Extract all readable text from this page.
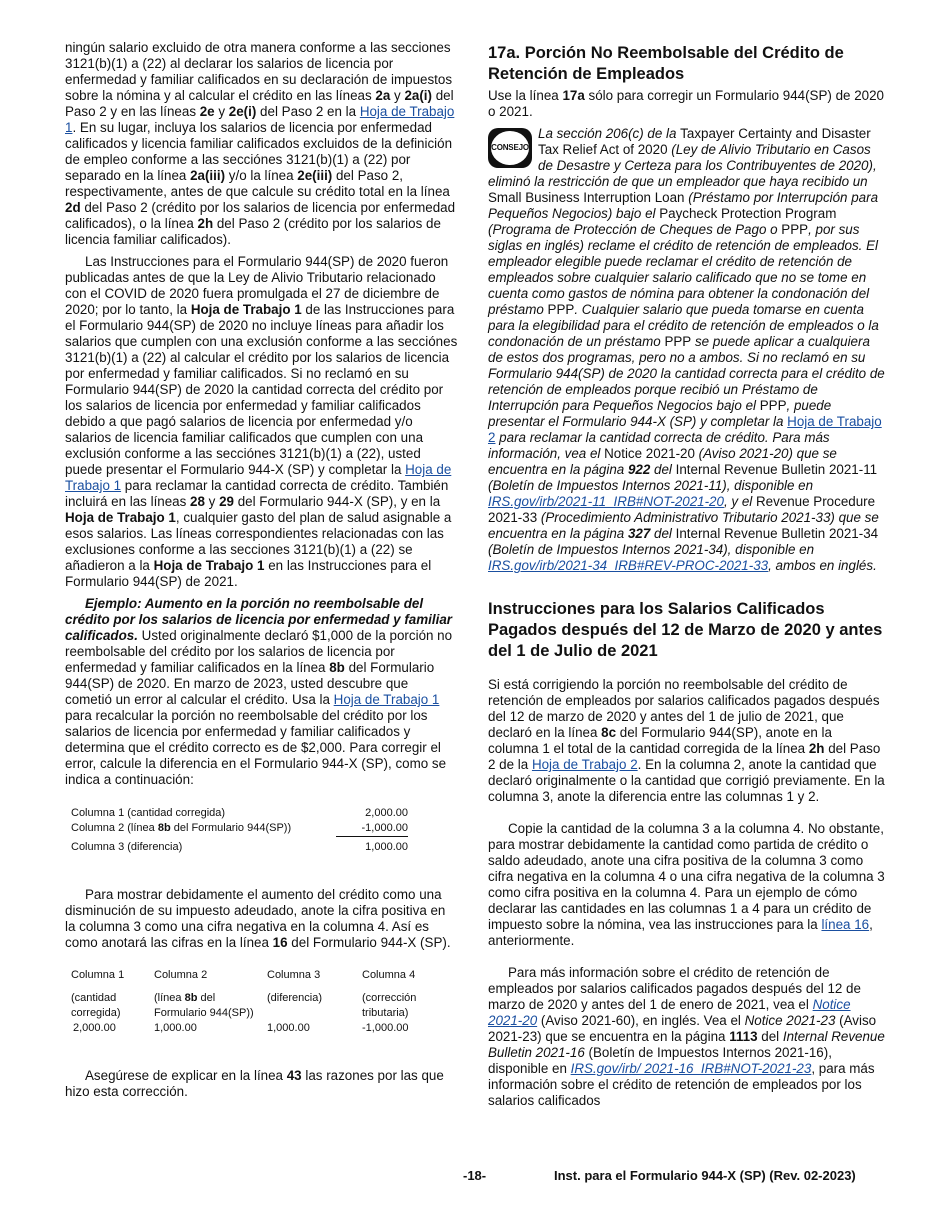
ningún salario excluido de otra manera conforme a las secciones 3121(b)(1) a (22) al declarar los salarios de licencia por enfermedad y familiar calificados en su declaración de impuestos sobre la nómina y al calcular el crédito en las líneas 2a y 2a(i) del Paso 2 y en las líneas 2e y 2e(i) del Paso 2 en la Hoja de Trabajo 1. En su lugar, incluya los salarios de licencia por enfermedad calificados y licencia familiar calificados excluidos de la definición de empleo conforme a las secciónes 3121(b)(1) a (22) por separado en la línea 2a(iii) y/o la línea 2e(iii) del Paso 2, respectivamente, antes de que calcule su crédito total en la línea 2d del Paso 2 (crédito por los salarios de licencia por enfermedad calificados), o la línea 2h del Paso 2 (crédito por los salarios de licencia familiar calificados).

Las Instrucciones para el Formulario 944(SP) de 2020 fueron publicadas antes de que la Ley de Alivio Tributario relacionado con el COVID de 2020 fuera promulgada el 27 de diciembre de 2020; por lo tanto, la Hoja de Trabajo 1 de las Instrucciones para el Formulario 944(SP) de 2020 no incluye líneas para añadir los salarios que cumplen con una exclusión conforme a las secciónes 3121(b)(1) a (22) al calcular el crédito por los salarios de licencia por enfermedad y familiar calificados. Si no reclamó en su Formulario 944(SP) de 2020 la cantidad correcta del crédito por los salarios de licencia por enfermedad y familiar calificados debido a que pagó salarios de licencia por enfermedad y/o salarios de licencia familiar calificados que cumplen con una exclusión conforme a las secciónes 3121(b)(1) a (22), usted puede presentar el Formulario 944-X (SP) y completar la Hoja de Trabajo 1 para reclamar la cantidad correcta de crédito. También incluirá en las líneas 28 y 29 del Formulario 944-X (SP), y en la Hoja de Trabajo 1, cualquier gasto del plan de salud asignable a esos salarios. Las líneas correspondientes relacionadas con las exclusiones conforme a las secciones 3121(b)(1) a (22) se añadieron a la Hoja de Trabajo 1 en las Instrucciones para el Formulario 944(SP) de 2021.

Ejemplo: Aumento en la porción no reembolsable del crédito por los salarios de licencia por enfermedad y familiar calificados. Usted originalmente declaró $1,000 de la porción no reembolsable del crédito por los salarios de licencia por enfermedad y familiar calificados en la línea 8b del Formulario 944(SP) de 2020. En marzo de 2023, usted descubre que cometió un error al calcular el crédito. Usa la Hoja de Trabajo 1 para recalcular la porción no reembolsable del crédito por los salarios de licencia por enfermedad y familiar calificados y determina que el crédito correcto es de $2,000. Para corregir el error, calcule la diferencia en el Formulario 944-X (SP), como se indica a continuación:

Columna 1 (cantidad corregida)	2,000.00
Columna 2 (línea 8b del Formulario 944(SP))	-1,000.00
Columna 3 (diferencia)	1,000.00

Para mostrar debidamente el aumento del crédito como una disminución de su impuesto adeudado, anote la cifra positiva en la columna 3 como una cifra negativa en la columna 4. Así es como anotará las cifras en la línea 16 del Formulario 944-X (SP).

Columna 1	Columna 2	Columna 3	Columna 4
(cantidad corregida)	(línea 8b del Formulario 944(SP))	(diferencia)	(corrección tributaria)
2,000.00	1,000.00	1,000.00	-1,000.00

Asegúrese de explicar en la línea 43 las razones por las que hizo esta corrección.

17a. Porción No Reembolsable del Crédito de Retención de Empleados

Use la línea 17a sólo para corregir un Formulario 944(SP) de 2020 o 2021.

CONSEJO

La sección 206(c) de la Taxpayer Certainty and Disaster Tax Relief Act of 2020 (Ley de Alivio Tributario en Casos de Desastre y Certeza para los Contribuyentes de 2020), eliminó la restricción de que un empleador que haya recibido un Small Business Interruption Loan (Préstamo por Interrupción para Pequeños Negocios) bajo el Paycheck Protection Program (Programa de Protección de Cheques de Pago o PPP, por sus siglas en inglés) reclame el crédito de retención de empleados. El empleador elegible puede reclamar el crédito de retención de empleados sobre cualquier salario calificado que no se tome en cuenta como gastos de nómina para obtener la condonación del préstamo PPP. Cualquier salario que pueda tomarse en cuenta para la elegibilidad para el crédito de retención de empleados o la condonación de un préstamo PPP se puede aplicar a cualquiera de estos dos programas, pero no a ambos. Si no reclamó en su Formulario 944(SP) de 2020 la cantidad correcta para el crédito de retención de empleados porque recibió un Préstamo de Interrupción para Pequeños Negocios bajo el PPP, puede presentar el Formulario 944-X (SP) y completar la Hoja de Trabajo 2 para reclamar la cantidad correcta de crédito. Para más información, vea el Notice 2021-20 (Aviso 2021-20) que se encuentra en la página 922 del Internal Revenue Bulletin 2021-11 (Boletín de Impuestos Internos 2021-11), disponible en IRS.gov/irb/2021-11_IRB#NOT-2021-20, y el Revenue Procedure 2021-33 (Procedimiento Administrativo Tributario 2021-33) que se encuentra en la página 327 del Internal Revenue Bulletin 2021-34 (Boletín de Impuestos Internos 2021-34), disponible en IRS.gov/irb/2021-34_IRB#REV-PROC-2021-33, ambos en inglés.

Instrucciones para los Salarios Calificados Pagados después del 12 de Marzo de 2020 y antes del 1 de Julio de 2021

Si está corrigiendo la porción no reembolsable del crédito de retención de empleados por salarios calificados pagados después del 12 de marzo de 2020 y antes del 1 de julio de 2021, que declaró en la línea 8c del Formulario 944(SP), anote en la columna 1 el total de la cantidad corregida de la línea 2h del Paso 2 de la Hoja de Trabajo 2. En la columna 2, anote la cantidad que declaró originalmente o la cantidad que corrigió previamente. En la columna 3, anote la diferencia entre las columnas 1 y 2.

Copie la cantidad de la columna 3 a la columna 4. No obstante, para mostrar debidamente la cantidad como partida de crédito o saldo adeudado, anote una cifra positiva de la columna 3 como cifra negativa en la columna 4 o una cifra negativa de la columna 3 como cifra positiva en la columna 4. Para un ejemplo de cómo declarar las cantidades en las columnas 1 a 4 para un crédito de impuesto sobre la nómina, vea las instrucciones para la línea 16, anteriormente.

Para más información sobre el crédito de retención de empleados por salarios calificados pagados después del 12 de marzo de 2020 y antes del 1 de enero de 2021, vea el Notice 2021-20 (Aviso 2021-60), en inglés. Vea el Notice 2021-23 (Aviso 2021-23) que se encuentra en la página 1113 del Internal Revenue Bulletin 2021-16 (Boletín de Impuestos Internos 2021-16), disponible en IRS.gov/irb/ 2021-16_IRB#NOT-2021-23, para más información sobre el crédito de retención de empleados por los salarios calificados

-18-	Inst. para el Formulario 944-X (SP) (Rev. 02-2023)
